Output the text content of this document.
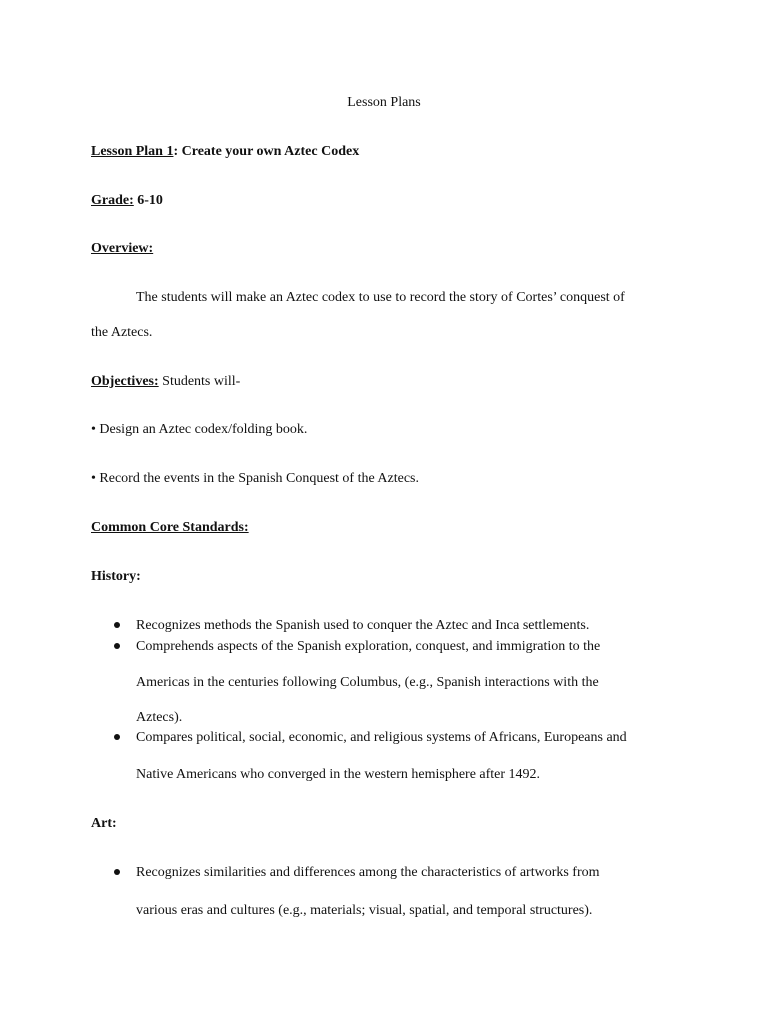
Lesson Plans
Lesson Plan 1: Create your own Aztec Codex
Grade: 6-10
Overview:
The students will make an Aztec codex to use to record the story of Cortes’ conquest of
the Aztecs.
Objectives: Students will-
• Design an Aztec codex/folding book.
• Record the events in the Spanish Conquest of the Aztecs.
Common Core Standards:
History:
Recognizes methods the Spanish used to conquer the Aztec and Inca settlements.
Comprehends aspects of the Spanish exploration, conquest, and immigration to the
Americas in the centuries following Columbus, (e.g., Spanish interactions with the
Aztecs).
Compares political, social, economic, and religious systems of Africans, Europeans and
Native Americans who converged in the western hemisphere after 1492.
Art:
Recognizes similarities and differences among the characteristics of artworks from
various eras and cultures (e.g., materials; visual, spatial, and temporal structures).
